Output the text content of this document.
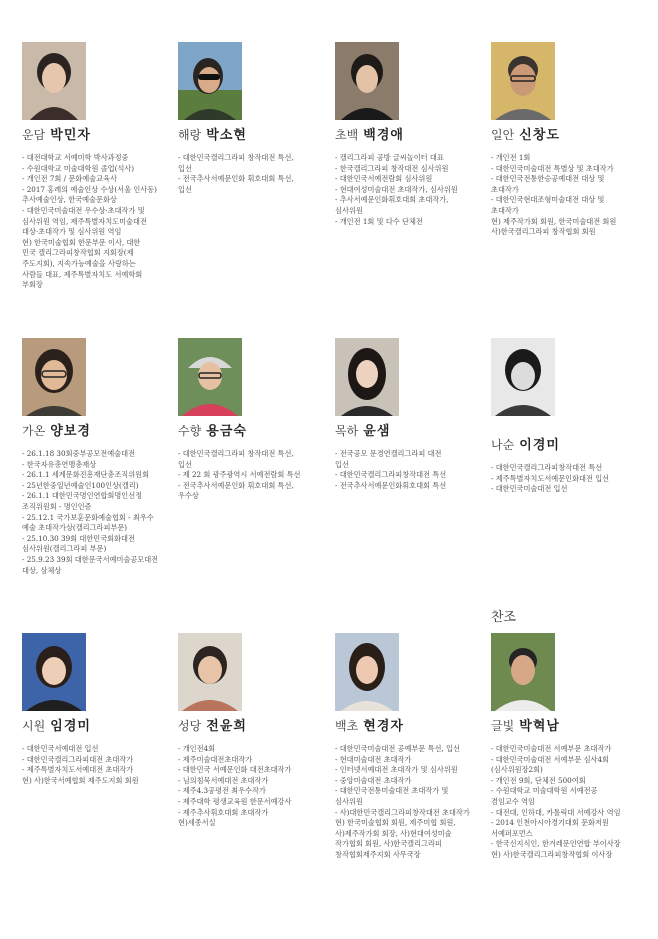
찬조
운담 박민자
- 대전대학교 서예미학 박사과정중
- 수원대학교 미술대학원 졸업(석사)
- 개인전 7회 / 문화예술교육사
- 2017 홍례의 예술인상 수상(서울 인사동)
추사예술인상, 한국예술문화상
- 대한민국미술대전 우수상·초대작가 및
심사위원 역임, 제주특별자치도미술대전
대상·초대작가 및 심사위원 역임
현) 한국미술협회 한문부문 이사, 대한
민국 캘리그라피창작협회 지회장(제
주도지회), 지속가능예술을 사랑하는
사람들 대표, 제주특별자치도 서예학회
부회장
해랑 박소현
- 대한민국캘리그라피 창작대전 특선,
입선
- 전국추사서예문인화 휘호대회 특선,
입선
초백 백경애
- 캘리그라피 공방 글씨놀이터 대표
- 한국캘리그라피 창작대전 심사위원
- 대한민국서예전람회 심사위원
- 현대여성미술대전 초대작가, 심사위원
- 추사서예문인화휘호대회 초대작가,
심사위원
- 개인전 1회 및 다수 단체전
일안 신창도
- 개인전 1회
- 대한민국미술대전 특별상 및 초대작가
- 대한민국전통한승공예대전 대상 및
초대작가
- 대한민국현대조형미술대전 대상 및
초대작가
현) 제주작가회 회원, 한국미술대전 회원
사)한국캘리그라피 창작협회 회원
가온 양보경
- 26.1.18 30회중부공모전예술대전
- 한국자유총연맹총재상
- 26.1.1 세계문화진흥재단총조직위원회
- 25년한중일년예술인100인상(캘리)
- 26.1.1 대한민국명인연합회명인선정
조직위원회 - 명인인증
- 25.12.1 국가보훈문화예술협회 - 최우수
예술 초대작가상(캘리그라피부문)
- 25.10.30 39회 대한민국회화대전
심사위원(캘리그라피 부문)
- 25.9.23 39회 대한문국서예미술공모대전
대상, 삼체상
수향 용금숙
- 대한민국캘리그라피 창작대전 특선,
입선
- 제 22 회 광주광역시 서예전람회 특선
- 전국추사서예문인화 휘호대회 특선,
우수상
목하 윤샘
- 전국공모 문경연캘리그라피 대전
입선
- 대한민국캘리그라피창작대전 특선
- 전국추사서예문인화휘호대회 특선
나순 이경미
- 대한민국캘리그라피창작대전 특선
- 제주특별자치도서예문인화대전 입선
- 대한민국미술대전 입선
시원 임경미
- 대한민국서예대전 입선
- 대한민국캘리그라피대전 초대작가
- 제주특별자치도서예대전 초대작가
현) 사)한국서예협회 제주도지회 회원
성당 전윤희
- 개인전4회
- 제주미술대전초대작가
- 대한민국 서예문인화 대전초대작가
- 님의침묵서예대전 초대작가
- 제주4.3공평전 최우수작가
- 제주대학 평생교육원 한문서예강사
- 제주추사휘호대회 초대작가
현)세종서실
백초 현경자
- 대한민국미술대전 공예부문 특선, 입선
- 현대미술대전 초대작가
- 인터넷서예대전 초대작가 및 심사위원
- 중앙미술대전 초대작가
- 대한민국전통미술대전 초대작가 및
심사위원
- 사)대한민국캘리그라피창작대전 초대작가
현) 한국미술협회 회원, 제주미협 회원,
사)제주작가회 회장, 사)현대여성미술
작가협회 회원, 사)한국캘리그라피
창작협회제주지회 사무국장
글빛 박혁남
- 대한민국미술대전 서예부문 초대작가
- 대한민국미술대전 서예부문 심사4회
(심사위원장2회)
- 개인전 9회, 단체전 500여회
- 수원대학교 미술대학원 서예전공
겸임교수 역임
- 대전대, 인하대, 카톨릭대 서예강사 역임
- 2014 인천아시아경기대회 문화저원
서예퍼포먼스
- 한국신지식인, 한겨레문인연합 부이사장
현) 사)한국캘리그라피창작협회 이사장
